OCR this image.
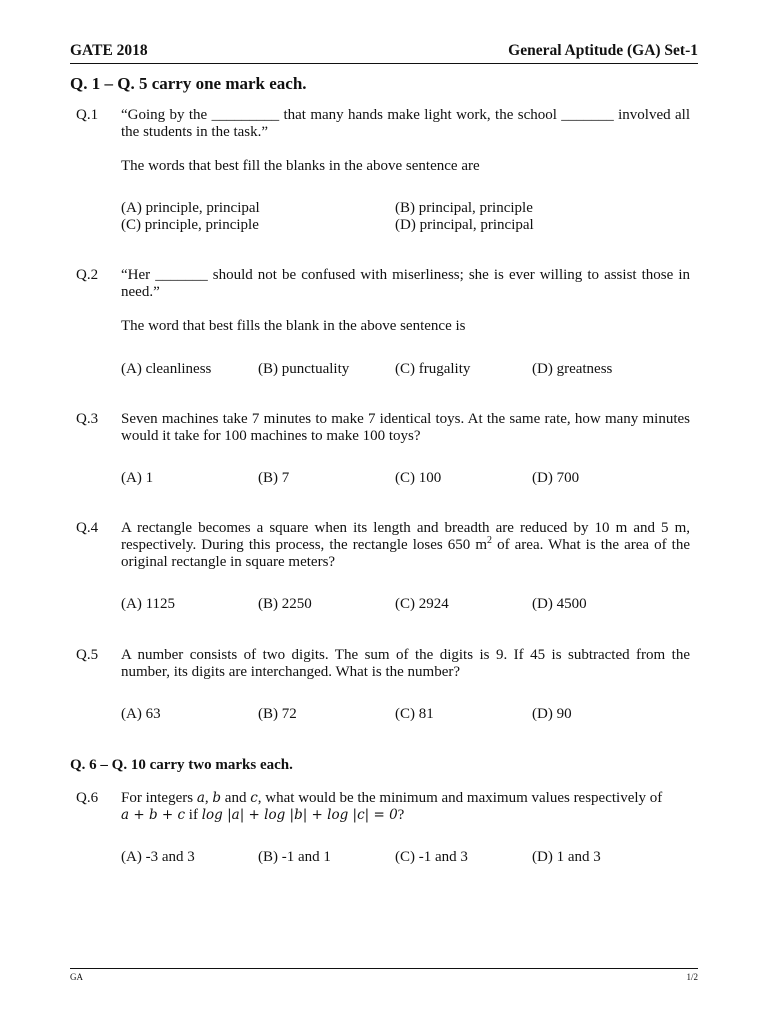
GATE 2018	General Aptitude (GA) Set-1
Q. 1 – Q. 5 carry one mark each.
Q.1 “Going by the _________ that many hands make light work, the school _______ involved all the students in the task.”

The words that best fill the blanks in the above sentence are

(A) principle, principal	(B) principal, principle
(C) principle, principle	(D) principal, principal
Q.2 “Her _______ should not be confused with miserliness; she is ever willing to assist those in need.”

The word that best fills the blank in the above sentence is

(A) cleanliness	(B) punctuality	(C) frugality	(D) greatness
Q.3 Seven machines take 7 minutes to make 7 identical toys. At the same rate, how many minutes would it take for 100 machines to make 100 toys?

(A) 1	(B) 7	(C) 100	(D) 700
Q.4 A rectangle becomes a square when its length and breadth are reduced by 10 m and 5 m, respectively. During this process, the rectangle loses 650 $m^2$ of area. What is the area of the original rectangle in square meters?

(A) 1125	(B) 2250	(C) 2924	(D) 4500
Q.5 A number consists of two digits. The sum of the digits is 9. If 45 is subtracted from the number, its digits are interchanged. What is the number?

(A) 63	(B) 72	(C) 81	(D) 90
Q. 6 – Q. 10 carry two marks each.
Q.6 For integers a, b and c, what would be the minimum and maximum values respectively of

a + b + c if log |a| + log |b| + log |c| = 0?

(A) -3 and 3	(B) -1 and 1	(C) -1 and 3	(D) 1 and 3
GA	1/2
